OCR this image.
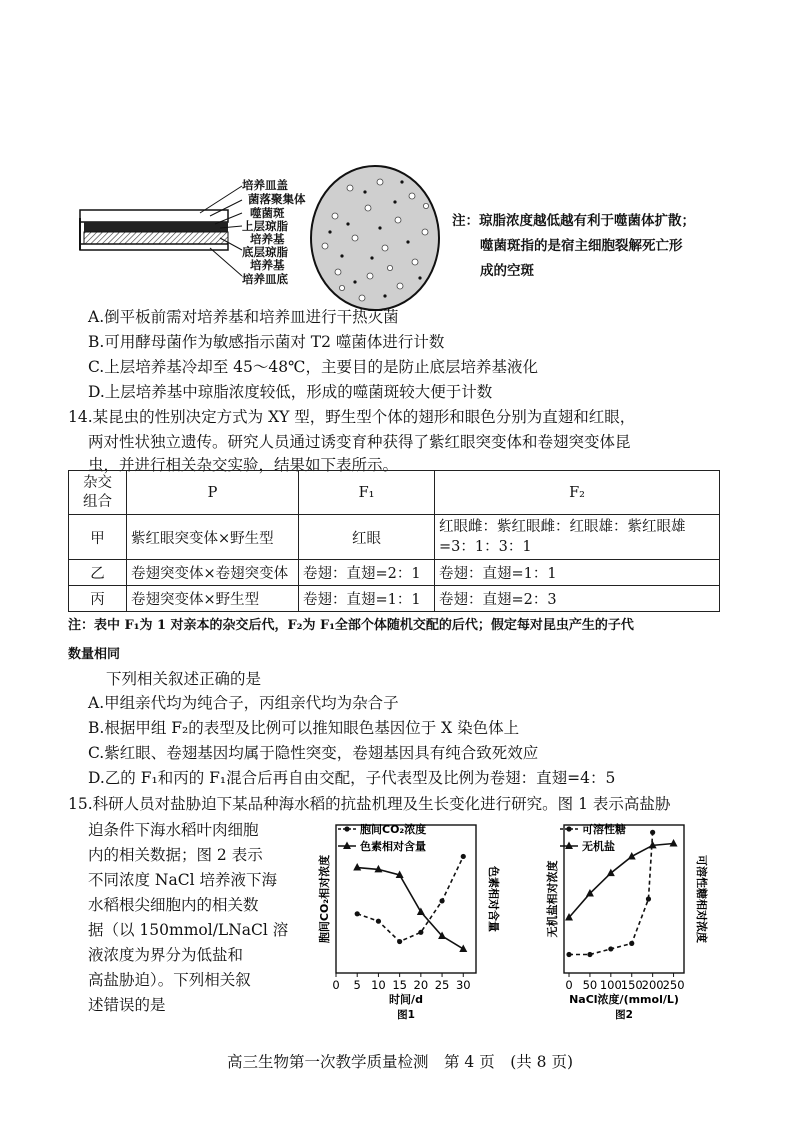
培养皿盖
菌落聚集体
噬菌斑
上层琼脂
培养基
底层琼脂
培养基
培养皿底
注：琼脂浓度越低越有利于噬菌体扩散；
噬菌斑指的是宿主细胞裂解死亡形
成的空斑
A.倒平板前需对培养基和培养皿进行干热灭菌
B.可用酵母菌作为敏感指示菌对 T2 噬菌体进行计数
C.上层培养基冷却至 45～48℃，主要目的是防止底层培养基液化
D.上层培养基中琼脂浓度较低，形成的噬菌斑较大便于计数
14.某昆虫的性别决定方式为 XY 型，野生型个体的翅形和眼色分别为直翅和红眼，
两对性状独立遗传。研究人员通过诱变育种获得了紫红眼突变体和卷翅突变体昆
虫，并进行相关杂交实验，结果如下表所示。
杂交
组合	P	F₁	F₂
甲	紫红眼突变体×野生型	红眼	红眼雌：紫红眼雌：红眼雄：紫红眼雄
=3：1：3：1

乙	卷翅突变体×卷翅突变体	卷翅：直翅=2：1	卷翅：直翅=1：1
丙	卷翅突变体×野生型	卷翅：直翅=1：1	卷翅：直翅=2：3
注：表中 F₁为 1 对亲本的杂交后代，F₂为 F₁全部个体随机交配的后代；假定每对昆虫产生的子代
数量相同
下列相关叙述正确的是
A.甲组亲代均为纯合子，丙组亲代均为杂合子
B.根据甲组 F₂的表型及比例可以推知眼色基因位于 X 染色体上
C.紫红眼、卷翅基因均属于隐性突变，卷翅基因具有纯合致死效应
D.乙的 F₁和丙的 F₁混合后再自由交配，子代表型及比例为卷翅：直翅=4：5
15.科研人员对盐胁迫下某品种海水稻的抗盐机理及生长变化进行研究。图 1 表示高盐胁
迫条件下海水稻叶肉细胞
内的相关数据；图 2 表示
不同浓度 NaCl 培养液下海
水稻根尖细胞内的相关数
据（以 150mmol/LNaCl 溶
液浓度为界分为低盐和
高盐胁迫）。下列相关叙
述错误的是
0 5 10 15 20 25 30
时间/d
图1
胞间CO₂相对浓度	色素相对含量
胞间CO₂浓度
色素相对含量
0 50 100
150
200
250
NaCl浓度/(mmol/L)
图2
无机盐相对浓度	可溶性糖相对浓度
可溶性糖
无机盐
高三生物第一次教学质量检测　第 4 页　(共 8 页)
